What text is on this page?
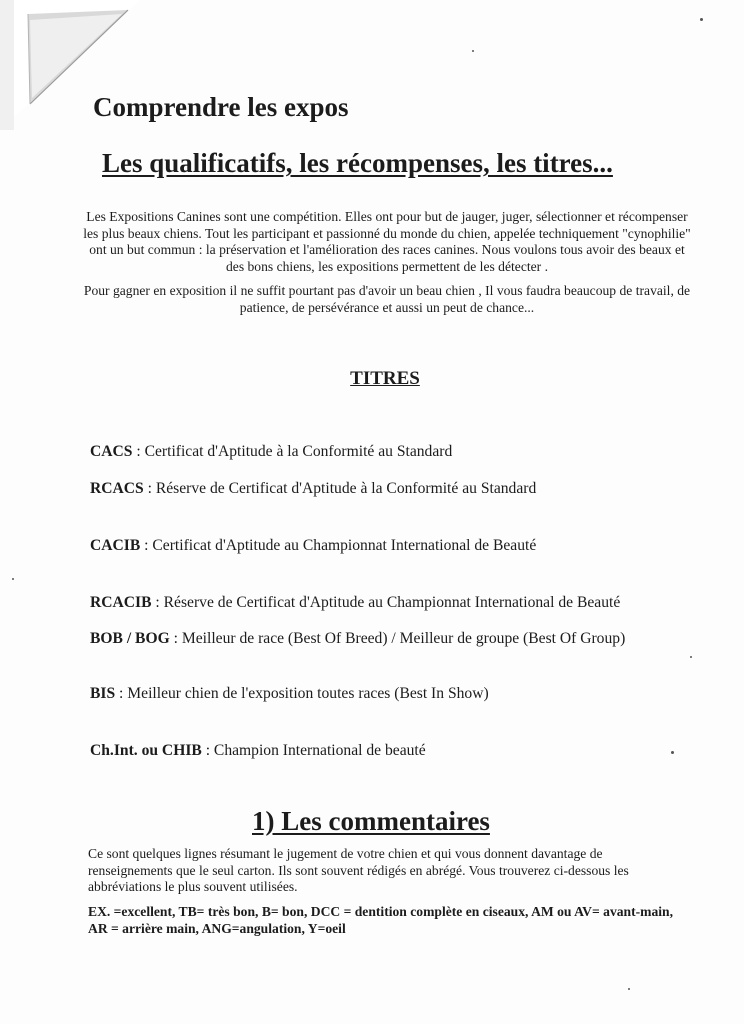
Comprendre les expos
Les qualificatifs, les récompenses, les titres...

Les Expositions Canines sont une compétition. Elles ont pour but de jauger, juger, sélectionner et récompenser les plus beaux chiens. Tout les participant et passionné du monde du chien, appelée techniquement "cynophilie" ont un but commun : la préservation et l'amélioration des races canines. Nous voulons tous avoir des beaux et des bons chiens, les expositions permettent de les détecter .

Pour gagner en exposition il ne suffit pourtant pas d'avoir un beau chien , Il vous faudra beaucoup de travail, de patience, de persévérance et aussi un peut de chance...

TITRES
CACS : Certificat d'Aptitude à la Conformité au Standard
RCACS : Réserve de Certificat d'Aptitude à la Conformité au Standard
CACIB : Certificat d'Aptitude au Championnat International de Beauté
RCACIB : Réserve de Certificat d'Aptitude au Championnat International de Beauté
BOB / BOG : Meilleur de race (Best Of Breed) / Meilleur de groupe (Best Of Group)
BIS : Meilleur chien de l'exposition toutes races (Best In Show)
Ch.Int. ou CHIB : Champion International de beauté
1) Les commentaires
Ce sont quelques lignes résumant le jugement de votre chien et qui vous donnent davantage de renseignements que le seul carton. Ils sont souvent rédigés en abrégé. Vous trouverez ci-dessous les abbréviations le plus souvent utilisées.
EX. =excellent, TB= très bon, B= bon, DCC = dentition complète en ciseaux, AM ou AV= avant-main, AR = arrière main, ANG=angulation, Y=oeil
